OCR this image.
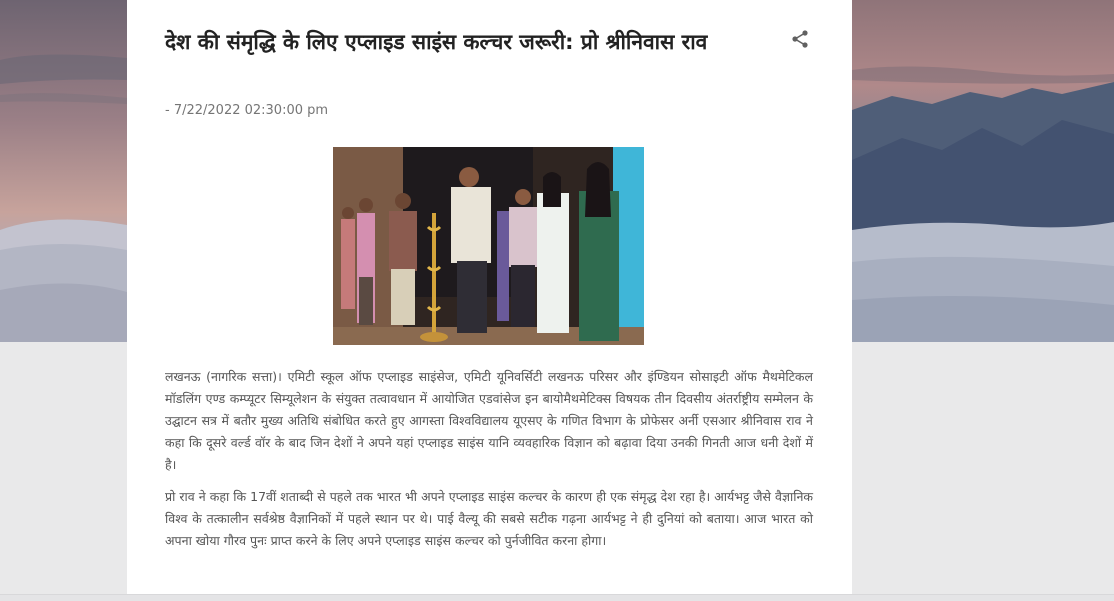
देश की संमृद्धि के लिए एप्लाइड साइंस कल्चर जरूरी: प्रो श्रीनिवास राव
- 7/22/2022 02:30:00 pm

लखनऊ (नागरिक सत्ता)। एमिटी स्कूल ऑफ एप्लाइड साइंसेज, एमिटी यूनिवर्सिटी लखनऊ परिसर और इंण्डियन सोसाइटी ऑफ मैथमेटिकल मॉडलिंग एण्ड कम्प्यूटर सिम्यूलेशन के संयुक्त तत्वावधान में आयोजित एडवांसेज इन बायोमैथमेटिक्स विषयक तीन दिवसीय अंतर्राष्ट्रीय सम्मेलन के उद्घाटन सत्र में बतौर मुख्य अतिथि संबोधित करते हुए आगस्ता विश्वविद्यालय यूएसए के गणित विभाग के प्रोफेसर अर्नी एसआर श्रीनिवास राव ने कहा कि दूसरे वर्ल्ड वॉर के बाद जिन देशों ने अपने यहां एप्लाइड साइंस यानि व्यवहारिक विज्ञान को बढ़ावा दिया उनकी गिनती आज धनी देशों में है।

प्रो राव ने कहा कि 17वीं शताब्दी से पहले तक भारत भी अपने एप्लाइड साइंस कल्चर के कारण ही एक संमृद्ध देश रहा है। आर्यभट्ट जैसे वैज्ञानिक विश्व के तत्कालीन सर्वश्रेष्ठ वैज्ञानिकों में पहले स्थान पर थे। पाई वैल्यू की सबसे सटीक गढ़ना आर्यभट्ट ने ही दुनियां को बताया। आज भारत को अपना खोया गौरव पुनः प्राप्त करने के लिए अपने एप्लाइड साइंस कल्चर को पुर्नजीवित करना होगा।
